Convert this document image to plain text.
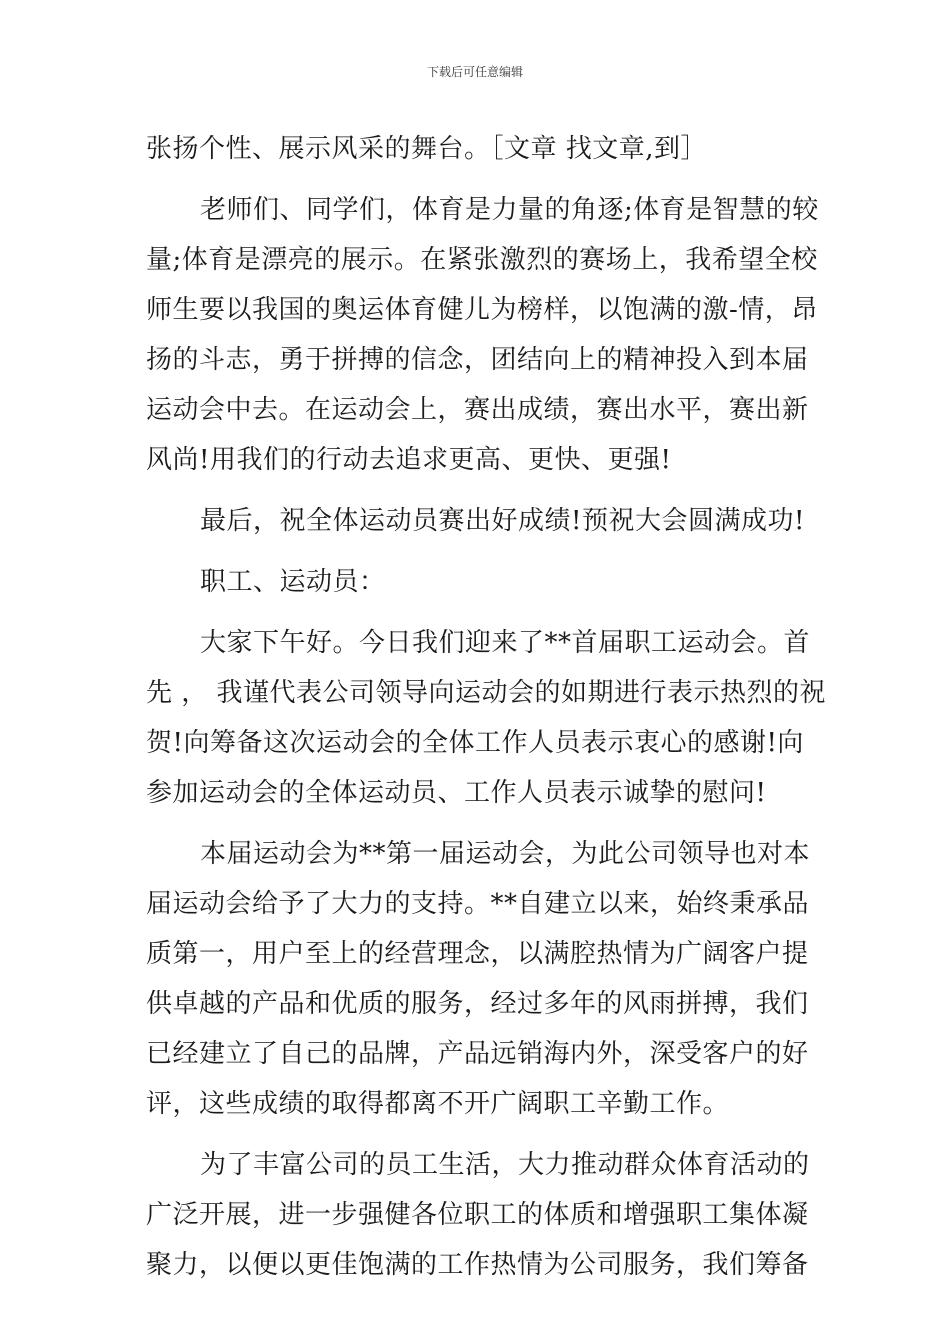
下载后可任意编辑

张扬个性、展示风采的舞台。［文章 找文章,到］

老师们、同学们，体育是力量的角逐;体育是智慧的较
量;体育是漂亮的展示。在紧张激烈的赛场上，我希望全校
师生要以我国的奥运体育健儿为榜样，以饱满的激-情，昂
扬的斗志，勇于拼搏的信念，团结向上的精神投入到本届
运动会中去。在运动会上，赛出成绩，赛出水平，赛出新
风尚!用我们的行动去追求更高、更快、更强!

最后，祝全体运动员赛出好成绩!预祝大会圆满成功!

职工、运动员：

大家下午好。今日我们迎来了**首届职工运动会。首
先 ， 我谨代表公司领导向运动会的如期进行表示热烈的祝
贺!向筹备这次运动会的全体工作人员表示衷心的感谢!向
参加运动会的全体运动员、工作人员表示诚挚的慰问!

本届运动会为**第一届运动会，为此公司领导也对本
届运动会给予了大力的支持。**自建立以来，始终秉承品
质第一，用户至上的经营理念，以满腔热情为广阔客户提
供卓越的产品和优质的服务，经过多年的风雨拼搏，我们
已经建立了自己的品牌，产品远销海内外，深受客户的好
评，这些成绩的取得都离不开广阔职工辛勤工作。

为了丰富公司的员工生活，大力推动群众体育活动的
广泛开展，进一步强健各位职工的体质和增强职工集体凝
聚力，以便以更佳饱满的工作热情为公司服务，我们筹备
